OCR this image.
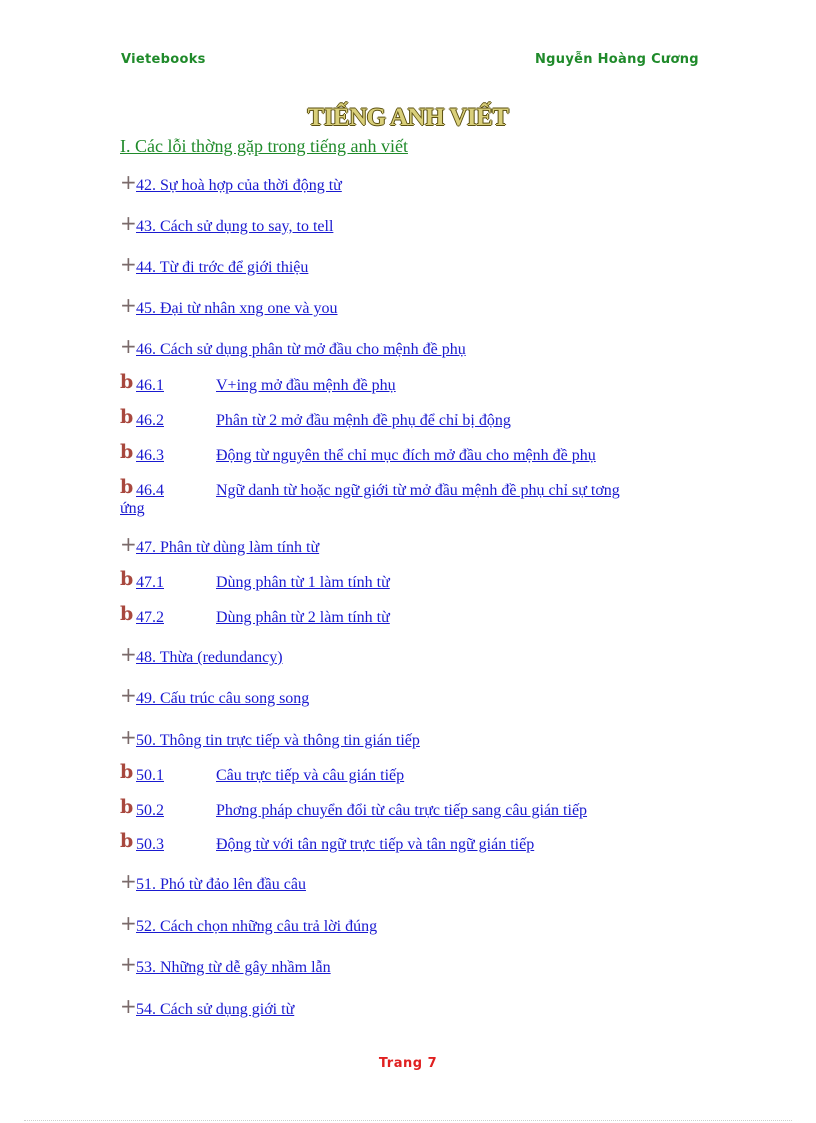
Vietebooks	Nguyễn Hoàng Cương
TIẾNG ANH VIẾT
I. Các lỗi thờng gặp trong tiếng anh viết
+ 42. Sự hoà hợp của thời động từ
+ 43. Cách sử dụng to say, to tell
+ 44. Từ đi trớc để giới thiệu
+ 45. Đại từ nhân xng one và you
+ 46. Cách sử dụng phân từ mở đầu cho mệnh đề phụ
b 46.1	V+ing mở đầu mệnh đề phụ
b 46.2	Phân từ 2 mở đầu mệnh đề phụ để chỉ bị động
b 46.3	Động từ nguyên thể chỉ mục đích mở đầu cho mệnh đề phụ
b 46.4	Ngữ danh từ hoặc ngữ giới từ mở đầu mệnh đề phụ chỉ sự tơng
ứng
+ 47. Phân từ dùng làm tính từ
b 47.1	Dùng phân từ 1 làm tính từ
b 47.2	Dùng phân từ 2 làm tính từ
+ 48. Thừa (redundancy)
+ 49. Cấu trúc câu song song
+ 50. Thông tin trực tiếp và thông tin gián tiếp
b 50.1	Câu trực tiếp và câu gián tiếp
b 50.2	Phơng pháp chuyển đổi từ câu trực tiếp sang câu gián tiếp
b 50.3	Động từ với tân ngữ trực tiếp và tân ngữ gián tiếp
+ 51. Phó từ đảo lên đầu câu
+ 52. Cách chọn những câu trả lời đúng
+ 53. Những từ dễ gây nhầm lẫn
+ 54. Cách sử dụng giới từ
Trang 7
